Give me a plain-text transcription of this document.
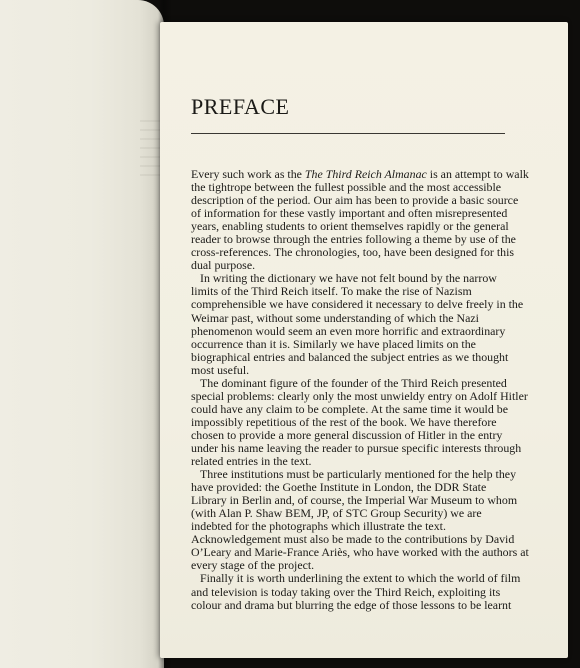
PREFACE
Every such work as the The Third Reich Almanac is an attempt to walk
the tightrope between the fullest possible and the most accessible
description of the period. Our aim has been to provide a basic source
of information for these vastly important and often misrepresented
years, enabling students to orient themselves rapidly or the general
reader to browse through the entries following a theme by use of the
cross-references. The chronologies, too, have been designed for this
dual purpose.
In writing the dictionary we have not felt bound by the narrow
limits of the Third Reich itself. To make the rise of Nazism
comprehensible we have considered it necessary to delve freely in the
Weimar past, without some understanding of which the Nazi
phenomenon would seem an even more horrific and extraordinary
occurrence than it is. Similarly we have placed limits on the
biographical entries and balanced the subject entries as we thought
most useful.
The dominant figure of the founder of the Third Reich presented
special problems: clearly only the most unwieldy entry on Adolf Hitler
could have any claim to be complete. At the same time it would be
impossibly repetitious of the rest of the book. We have therefore
chosen to provide a more general discussion of Hitler in the entry
under his name leaving the reader to pursue specific interests through
related entries in the text.
Three institutions must be particularly mentioned for the help they
have provided: the Goethe Institute in London, the DDR State
Library in Berlin and, of course, the Imperial War Museum to whom
(with Alan P. Shaw BEM, JP, of STC Group Security) we are
indebted for the photographs which illustrate the text.
Acknowledgement must also be made to the contributions by David
O’Leary and Marie-France Ariès, who have worked with the authors at
every stage of the project.
Finally it is worth underlining the extent to which the world of film
and television is today taking over the Third Reich, exploiting its
colour and drama but blurring the edge of those lessons to be learnt
